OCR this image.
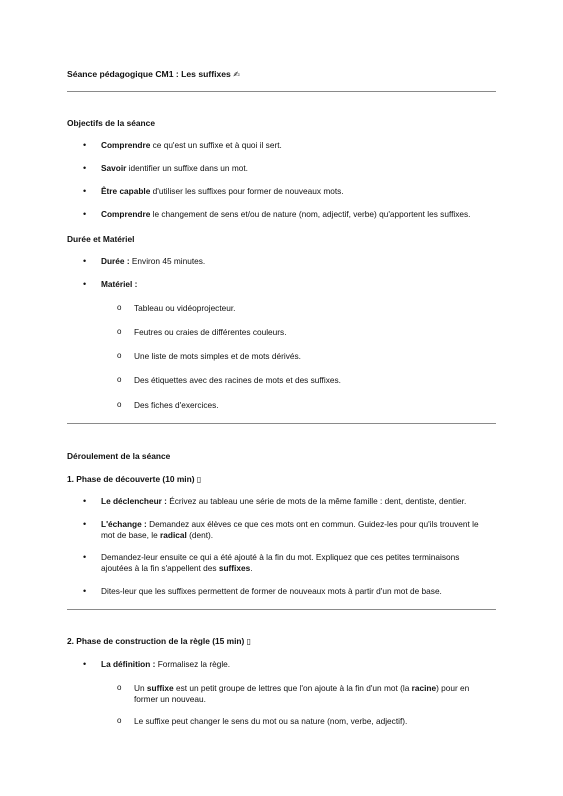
Séance pédagogique CM1 : Les suffixes ✍
Objectifs de la séance
• Comprendre ce qu'est un suffixe et à quoi il sert.
• Savoir identifier un suffixe dans un mot.
• Être capable d'utiliser les suffixes pour former de nouveaux mots.
• Comprendre le changement de sens et/ou de nature (nom, adjectif, verbe) qu'apportent les suffixes.
Durée et Matériel
• Durée : Environ 45 minutes.
• Matériel :
o Tableau ou vidéoprojecteur.
o Feutres ou craies de différentes couleurs.
o Une liste de mots simples et de mots dérivés.
o Des étiquettes avec des racines de mots et des suffixes.
o Des fiches d'exercices.
Déroulement de la séance
1. Phase de découverte (10 min) ▯
• Le déclencheur : Écrivez au tableau une série de mots de la même famille : dent, dentiste, dentier.
• L'échange : Demandez aux élèves ce que ces mots ont en commun. Guidez-les pour qu'ils trouvent le
mot de base, le radical (dent).
• Demandez-leur ensuite ce qui a été ajouté à la fin du mot. Expliquez que ces petites terminaisons
ajoutées à la fin s'appellent des suffixes.
• Dites-leur que les suffixes permettent de former de nouveaux mots à partir d'un mot de base.
2. Phase de construction de la règle (15 min) ▯
• La définition : Formalisez la règle.
o Un suffixe est un petit groupe de lettres que l'on ajoute à la fin d'un mot (la racine) pour en
former un nouveau.
o Le suffixe peut changer le sens du mot ou sa nature (nom, verbe, adjectif).
